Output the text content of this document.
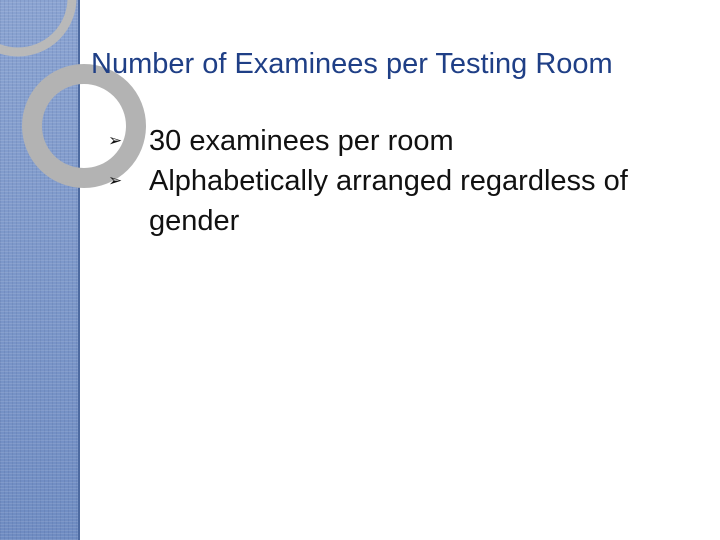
Number of Examinees per Testing Room
➢ 30 examinees per room
➢ Alphabetically arranged regardless of gender
